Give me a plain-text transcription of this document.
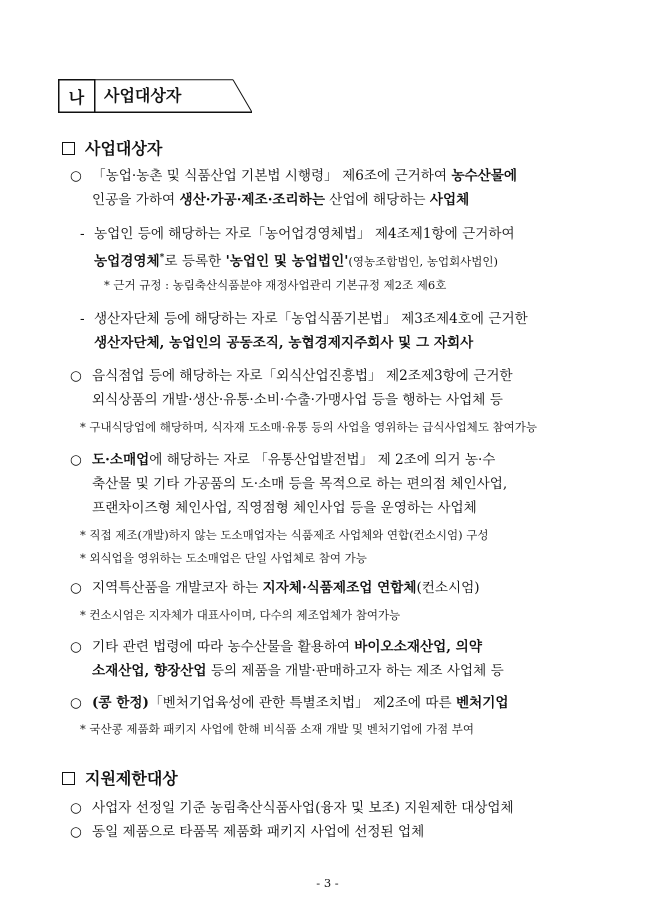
나	사업대상자
사업대상자
○ 「농업·농촌 및 식품산업 기본법 시행령」 제6조에 근거하여 농수산물에
인공을 가하여 생산·가공·제조·조리하는 산업에 해당하는 사업체
- 농업인 등에 해당하는 자로「농어업경영체법」 제4조제1항에 근거하여
농업경영체*로 등록한 '농업인 및 농업법인'(영농조합법인, 농업회사법인)
* 근거 규정 : 농림축산식품분야 재정사업관리 기본규정 제2조 제6호
- 생산자단체 등에 해당하는 자로「농업식품기본법」 제3조제4호에 근거한
생산자단체, 농업인의 공동조직, 농협경제지주회사 및 그 자회사
○ 음식점업 등에 해당하는 자로「외식산업진흥법」 제2조제3항에 근거한
외식상품의 개발·생산·유통·소비·수출·가맹사업 등을 행하는 사업체 등
* 구내식당업에 해당하며, 식자재 도소매·유통 등의 사업을 영위하는 급식사업체도 참여가능
○ 도·소매업에 해당하는 자로 「유통산업발전법」 제 2조에 의거 농·수
축산물 및 기타 가공품의 도·소매 등을 목적으로 하는 편의점 체인사업,
프랜차이즈형 체인사업, 직영점형 체인사업 등을 운영하는 사업체
* 직접 제조(개발)하지 않는 도소매업자는 식품제조 사업체와 연합(컨소시엄) 구성
* 외식업을 영위하는 도소매업은 단일 사업체로 참여 가능
○ 지역특산품을 개발코자 하는 지자체·식품제조업 연합체(컨소시엄)
* 컨소시엄은 지자체가 대표사이며, 다수의 제조업체가 참여가능
○ 기타 관련 법령에 따라 농수산물을 활용하여 바이오소재산업, 의약
소재산업, 향장산업 등의 제품을 개발·판매하고자 하는 제조 사업체 등
○ (콩 한정)「벤처기업육성에 관한 특별조치법」 제2조에 따른 벤처기업
* 국산콩 제품화 패키지 사업에 한해 비식품 소재 개발 및 벤처기업에 가점 부여
지원제한대상
○ 사업자 선정일 기준 농림축산식품사업(융자 및 보조) 지원제한 대상업체
○ 동일 제품으로 타품목 제품화 패키지 사업에 선정된 업체
- 3 -
